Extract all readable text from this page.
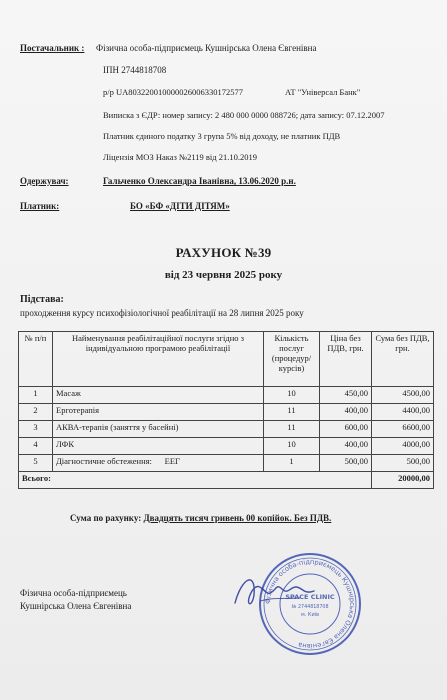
Постачальник : Фізична особа-підприємець Кушнірська Олена Євгенівна
ІПН 2744818708
р/р UA803220010000026006330172577	АТ "Універсал Банк"
Виписка з ЄДР: номер запису: 2 480 000 0000 088726; дата запису: 07.12.2007
Платник єдиного податку 3 група 5% від доходу, не платник ПДВ
Ліцензія МОЗ Наказ №2119 від 21.10.2019
Одержувач:	Гальченко Олександра Іванівна, 13.06.2020 р.н.
Платник:	БО «БФ «ДІТИ ДІТЯМ»
РАХУНОК №39
від 23 червня 2025 року
Підстава:
проходження курсу психофізіологічної реабілітації на 28 липня 2025 року
№ п/п	Найменування реабілітаційної послуги згідно з індивідуальною програмою реабілітації	Кількість послуг (процедур/ курсів)	Ціна без ПДВ, грн.	Сума без ПДВ, грн.
1	Масаж	10	450,00	4500,00
2	Ерготерапія	11	400,00	4400,00
3	АКВА-терапія (заняття у басейні)	11	600,00	6600,00
4	ЛФК	10	400,00	4000,00
5	Діагностичне обстеження:      ЕЕГ	1	500,00	500,00
Всього:				20000,00
Сума по рахунку: Двадцять тисяч гривень 00 копійок. Без ПДВ.
Фізична особа-підприємець
Кушнірська Олена Євгенівна	Фізична особа-підприємець Кушнірська Олена Євгенівна
SPACE CLINIC
№ 2744818708
м. Київ
